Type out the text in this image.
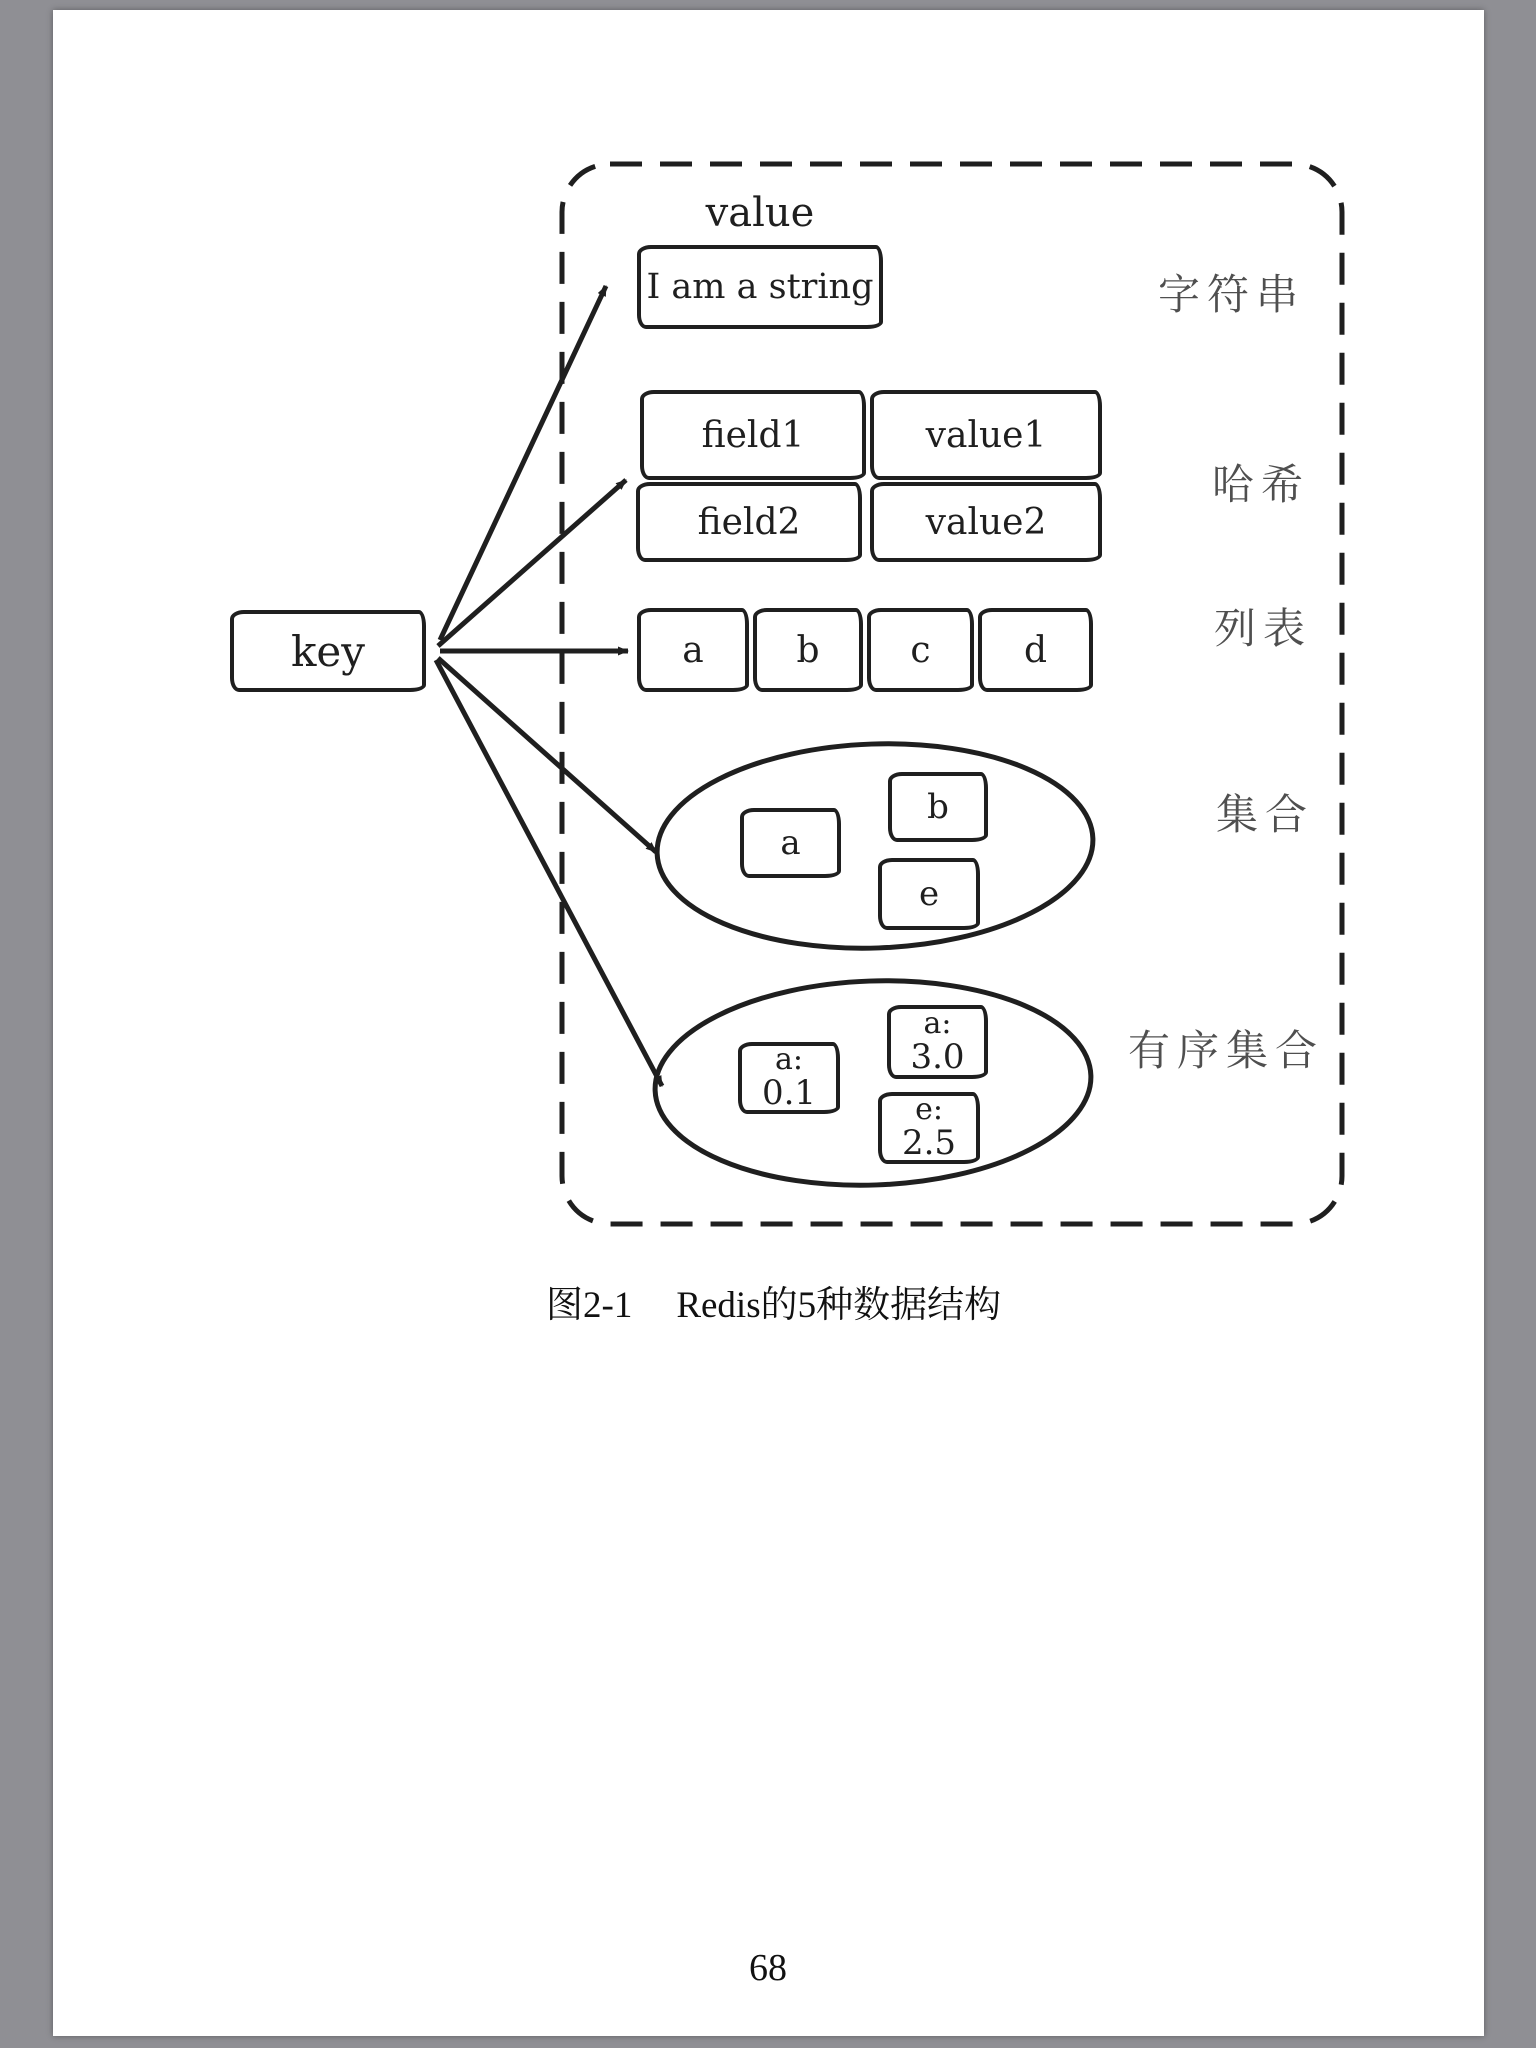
value
key
I am a string	字符串
field1	value1
field2	value2
哈希
a	b	c	d	列表
a
b
e
集合
a:
0.1
a:
3.0
e:
2.5
有序集合
图2-1 Redis的5种数据结构
68
